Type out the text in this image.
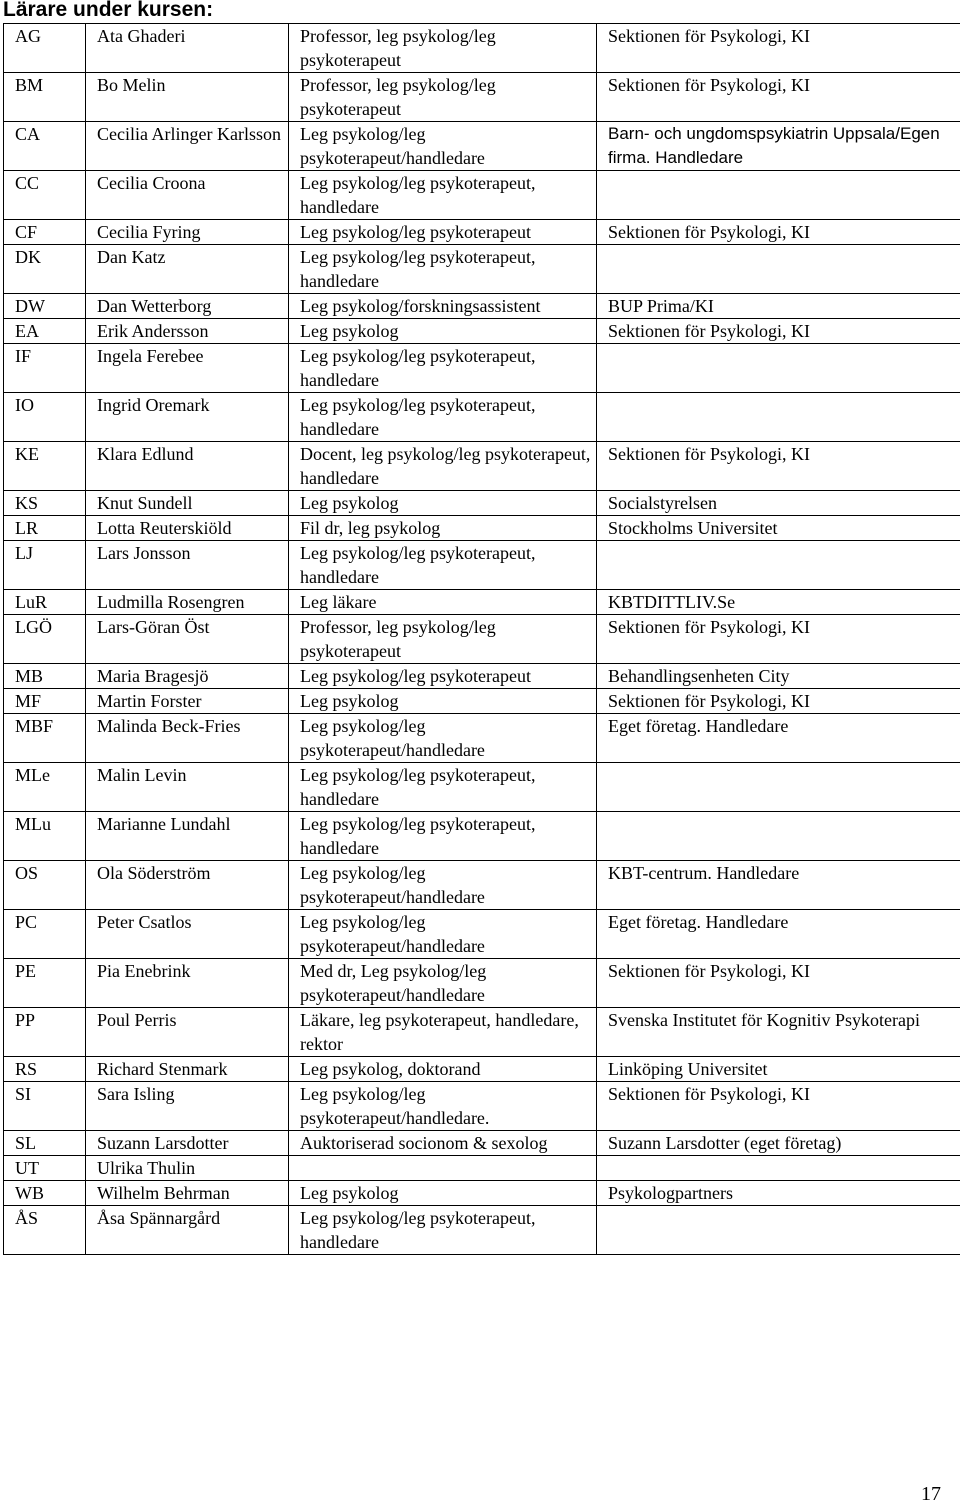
Lärare under kursen:
AG	Ata Ghaderi	Professor, leg psykolog/leg psykoterapeut	Sektionen för Psykologi, KI
BM	Bo Melin	Professor, leg psykolog/leg psykoterapeut	Sektionen för Psykologi, KI
CA	Cecilia Arlinger Karlsson	Leg psykolog/leg psykoterapeut/handledare	Barn- och ungdomspsykiatrin Uppsala/Egen firma. Handledare
CC	Cecilia Croona	Leg psykolog/leg psykoterapeut, handledare	
CF	Cecilia Fyring	Leg psykolog/leg psykoterapeut	Sektionen för Psykologi, KI
DK	Dan Katz	Leg psykolog/leg psykoterapeut, handledare	
DW	Dan Wetterborg	Leg psykolog/forskningsassistent	BUP Prima/KI
EA	Erik Andersson	Leg psykolog	Sektionen för Psykologi, KI
IF	Ingela Ferebee	Leg psykolog/leg psykoterapeut, handledare	
IO	Ingrid Oremark	Leg psykolog/leg psykoterapeut, handledare	
KE	Klara Edlund	Docent, leg psykolog/leg psykoterapeut, handledare	Sektionen för Psykologi, KI
KS	Knut Sundell	Leg psykolog	Socialstyrelsen
LR	Lotta Reuterskiöld	Fil dr, leg psykolog	Stockholms Universitet
LJ	Lars Jonsson	Leg psykolog/leg psykoterapeut, handledare	
LuR	Ludmilla Rosengren	Leg läkare	KBTDITTLIV.Se
LGÖ	Lars-Göran Öst	Professor, leg psykolog/leg psykoterapeut	Sektionen för Psykologi, KI
MB	Maria Bragesjö	Leg psykolog/leg psykoterapeut	Behandlingsenheten City
MF	Martin Forster	Leg psykolog	Sektionen för Psykologi, KI
MBF	Malinda Beck-Fries	Leg psykolog/leg psykoterapeut/handledare	Eget företag. Handledare
MLe	Malin Levin	Leg psykolog/leg psykoterapeut, handledare	
MLu	Marianne Lundahl	Leg psykolog/leg psykoterapeut, handledare	
OS	Ola Söderström	Leg psykolog/leg psykoterapeut/handledare	KBT-centrum. Handledare
PC	Peter Csatlos	Leg psykolog/leg psykoterapeut/handledare	Eget företag. Handledare
PE	Pia Enebrink	Med dr, Leg psykolog/leg psykoterapeut/handledare	Sektionen för Psykologi, KI
PP	Poul Perris	Läkare, leg psykoterapeut, handledare, rektor	Svenska Institutet för Kognitiv Psykoterapi
RS	Richard Stenmark	Leg psykolog, doktorand	Linköping Universitet
SI	Sara Isling	Leg psykolog/leg psykoterapeut/handledare.	Sektionen för Psykologi, KI
SL	Suzann Larsdotter	Auktoriserad socionom & sexolog	Suzann Larsdotter (eget företag)
UT	Ulrika Thulin		
WB	Wilhelm Behrman	Leg psykolog	Psykologpartners
ÅS	Åsa Spännargård	Leg psykolog/leg psykoterapeut, handledare	
17
